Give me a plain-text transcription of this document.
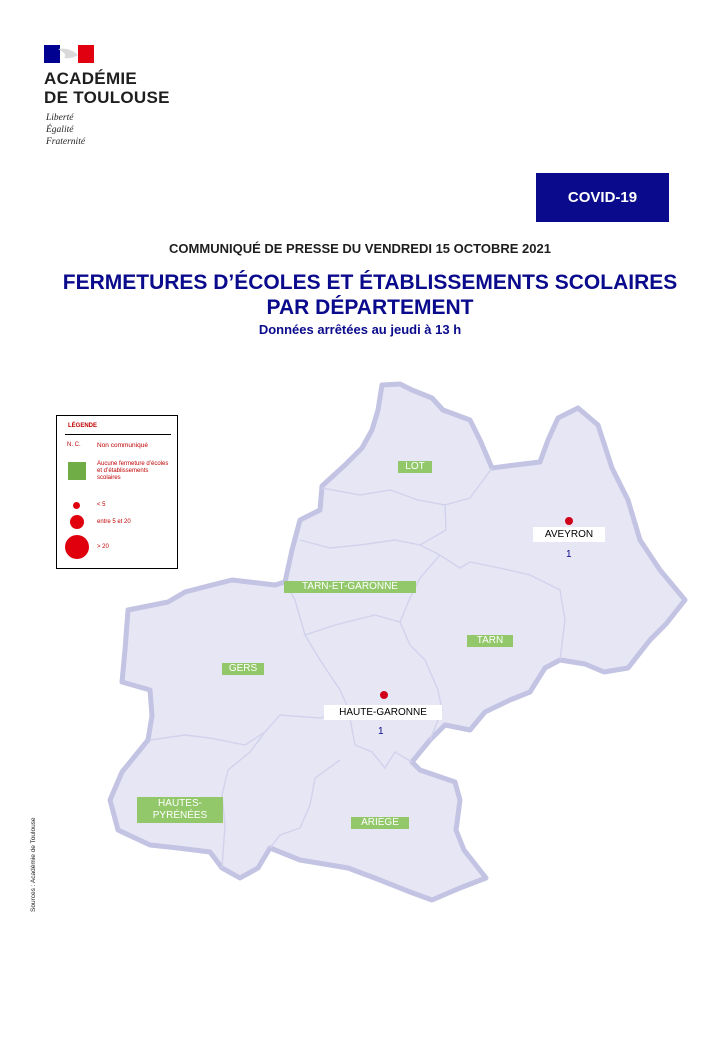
ACADÉMIE
DE TOULOUSE
Liberté
Égalité
Fraternité
COVID-19
COMMUNIQUÉ DE PRESSE DU VENDREDI 15 OCTOBRE 2021
FERMETURES D’ÉCOLES ET ÉTABLISSEMENTS SCOLAIRES PAR DÉPARTEMENT
Données arrêtées au jeudi à 13 h
LÉGENDE
N. C.	Non communiqué
Aucune fermeture d’écoles et d’établissements scolaires
< 5
entre 5 et 20
> 20
LOT
AVEYRON
1
TARN-ET-GARONNE
TARN
GERS
HAUTE-GARONNE
1
HAUTES-
PYRÉNÉES
ARIÈGE
Sources : Académie de Toulouse
